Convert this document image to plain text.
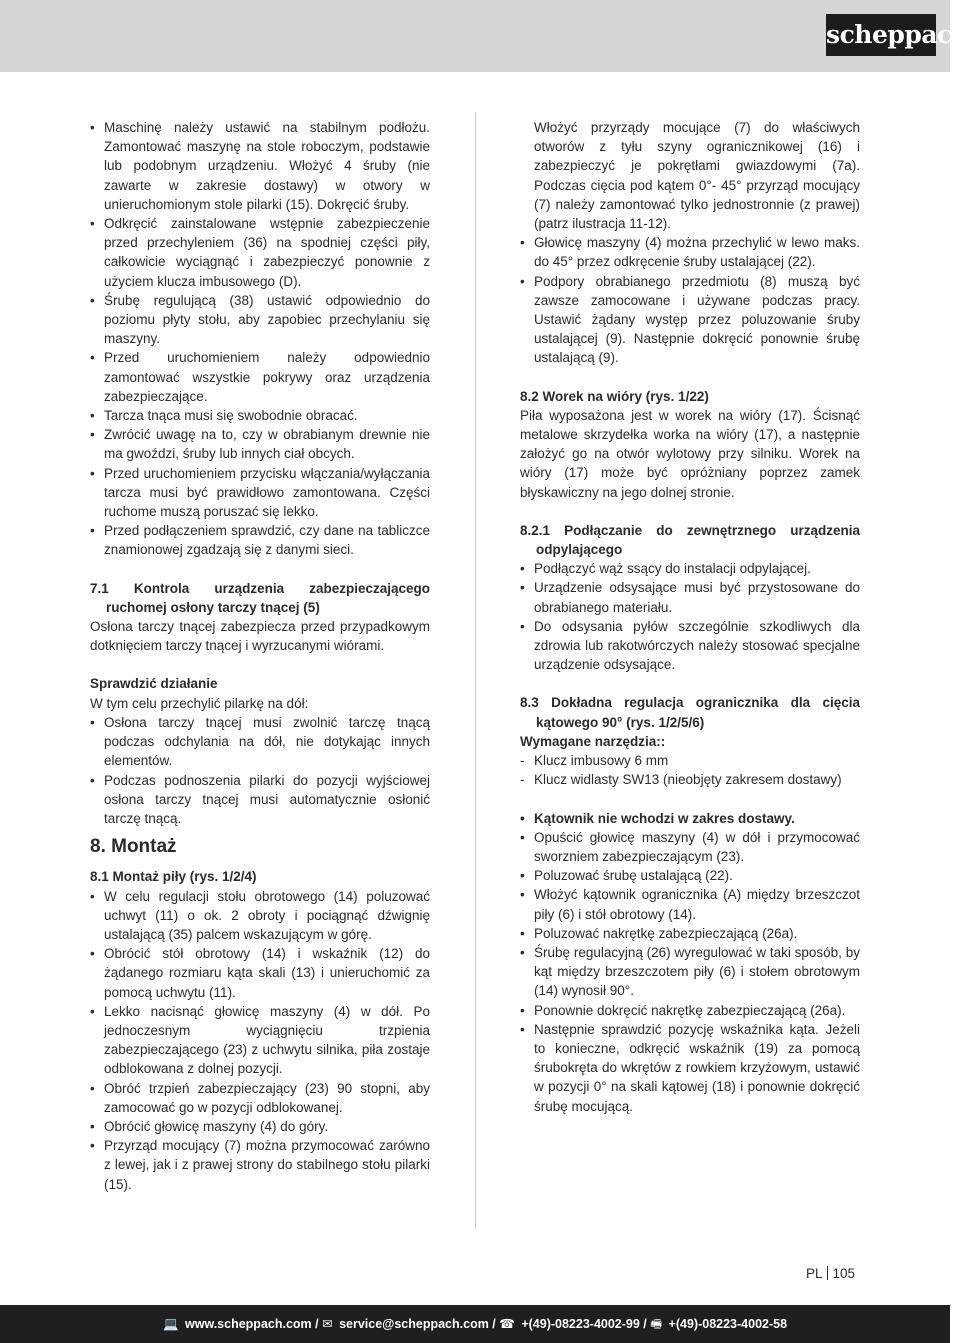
scheppach
• Maschinę należy ustawić na stabilnym podłożu. Zamontować maszynę na stole roboczym, podstawie lub podobnym urządzeniu. Włożyć 4 śruby (nie zawarte w zakresie dostawy) w otwory w unieruchomionym stole pilarki (15). Dokręcić śruby.
• Odkręcić zainstalowane wstępnie zabezpieczenie przed przechyleniem (36) na spodniej części piły, całkowicie wyciągnąć i zabezpieczyć ponownie z użyciem klucza imbusowego (D).
• Śrubę regulującą (38) ustawić odpowiednio do poziomu płyty stołu, aby zapobiec przechylaniu się maszyny.
• Przed uruchomieniem należy odpowiednio zamontować wszystkie pokrywy oraz urządzenia zabezpieczające.
• Tarcza tnąca musi się swobodnie obracać.
• Zwrócić uwagę na to, czy w obrabianym drewnie nie ma gwoździ, śruby lub innych ciał obcych.
• Przed uruchomieniem przycisku włączania/wyłączania tarcza musi być prawidłowo zamontowana. Części ruchome muszą poruszać się lekko.
• Przed podłączeniem sprawdzić, czy dane na tabliczce znamionowej zgadzają się z danymi sieci.
7.1 Kontrola urządzenia zabezpieczającego ruchomej osłony tarczy tnącej (5)

Osłona tarczy tnącej zabezpiecza przed przypadkowym dotknięciem tarczy tnącej i wyrzucanymi wiórami.

Sprawdzić działanie

W tym celu przechylić pilarkę na dół:

• Osłona tarczy tnącej musi zwolnić tarczę tnącą podczas odchylania na dół, nie dotykając innych elementów.
• Podczas podnoszenia pilarki do pozycji wyjściowej osłona tarczy tnącej musi automatycznie osłonić tarczę tnącą.
8. Montaż
8.1 Montaż piły (rys. 1/2/4)
• W celu regulacji stołu obrotowego (14) poluzować uchwyt (11) o ok. 2 obroty i pociągnąć dźwignię ustalającą (35) palcem wskazującym w górę.
• Obrócić stół obrotowy (14) i wskaźnik (12) do żądanego rozmiaru kąta skali (13) i unieruchomić za pomocą uchwytu (11).
• Lekko nacisnąć głowicę maszyny (4) w dół. Po jednoczesnym wyciągnięciu trzpienia zabezpieczającego (23) z uchwytu silnika, piła zostaje odblokowana z dolnej pozycji.
• Obróć trzpień zabezpieczający (23) 90 stopni, aby zamocować go w pozycji odblokowanej.
• Obrócić głowicę maszyny (4) do góry.
• Przyrząd mocujący (7) można przymocować zarówno z lewej, jak i z prawej strony do stabilnego stołu pilarki (15).

Włożyć przyrządy mocujące (7) do właściwych otworów z tyłu szyny ogranicznikowej (16) i zabezpieczyć je pokrętłami gwiazdowymi (7a). Podczas cięcia pod kątem 0°- 45° przyrząd mocujący (7) należy zamontować tylko jednostronnie (z prawej) (patrz ilustracja 11-12).

• Głowicę maszyny (4) można przechylić w lewo maks. do 45° przez odkręcenie śruby ustalającej (22).
• Podpory obrabianego przedmiotu (8) muszą być zawsze zamocowane i używane podczas pracy. Ustawić żądany występ przez poluzowanie śruby ustalającej (9). Następnie dokręcić ponownie śrubę ustalającą (9).
8.2 Worek na wióry (rys. 1/22)

Piła wyposażona jest w worek na wióry (17). Ścisnąć metalowe skrzydełka worka na wióry (17), a następnie założyć go na otwór wylotowy przy silniku. Worek na wióry (17) może być opróżniany poprzez zamek błyskawiczny na jego dolnej stronie.

8.2.1 Podłączanie do zewnętrznego urządzenia odpylającego
• Podłączyć wąż ssący do instalacji odpylającej.
• Urządzenie odsysające musi być przystosowane do obrabianego materiału.
• Do odsysania pyłów szczególnie szkodliwych dla zdrowia lub rakotwórczych należy stosować specjalne urządzenie odsysające.
8.3 Dokładna regulacja ogranicznika dla cięcia kątowego 90° (rys. 1/2/5/6)
Wymagane narzędzia::
- Klucz imbusowy 6 mm
- Klucz widlasty SW13 (nieobjęty zakresem dostawy)
• Kątownik nie wchodzi w zakres dostawy.
• Opuścić głowicę maszyny (4) w dół i przymocować sworzniem zabezpieczającym (23).
• Poluzować śrubę ustalającą (22).
• Włożyć kątownik ogranicznika (A) między brzeszczot piły (6) i stół obrotowy (14).
• Poluzować nakrętkę zabezpieczającą (26a).
• Śrubę regulacyjną (26) wyregulować w taki sposób, by kąt między brzeszczotem piły (6) i stołem obrotowym (14) wynosił 90°.
• Ponownie dokręcić nakrętkę zabezpieczającą (26a).
• Następnie sprawdzić pozycję wskaźnika kąta. Jeżeli to konieczne, odkręcić wskaźnik (19) za pomocą śrubokręta do wkrętów z rowkiem krzyżowym, ustawić w pozycji 0° na skali kątowej (18) i ponownie dokręcić śrubę mocującą.
PL 105
💻 www.scheppach.com / ✉ service@scheppach.com / ☎ +(49)-08223-4002-99 / 🖷 +(49)-08223-4002-58
